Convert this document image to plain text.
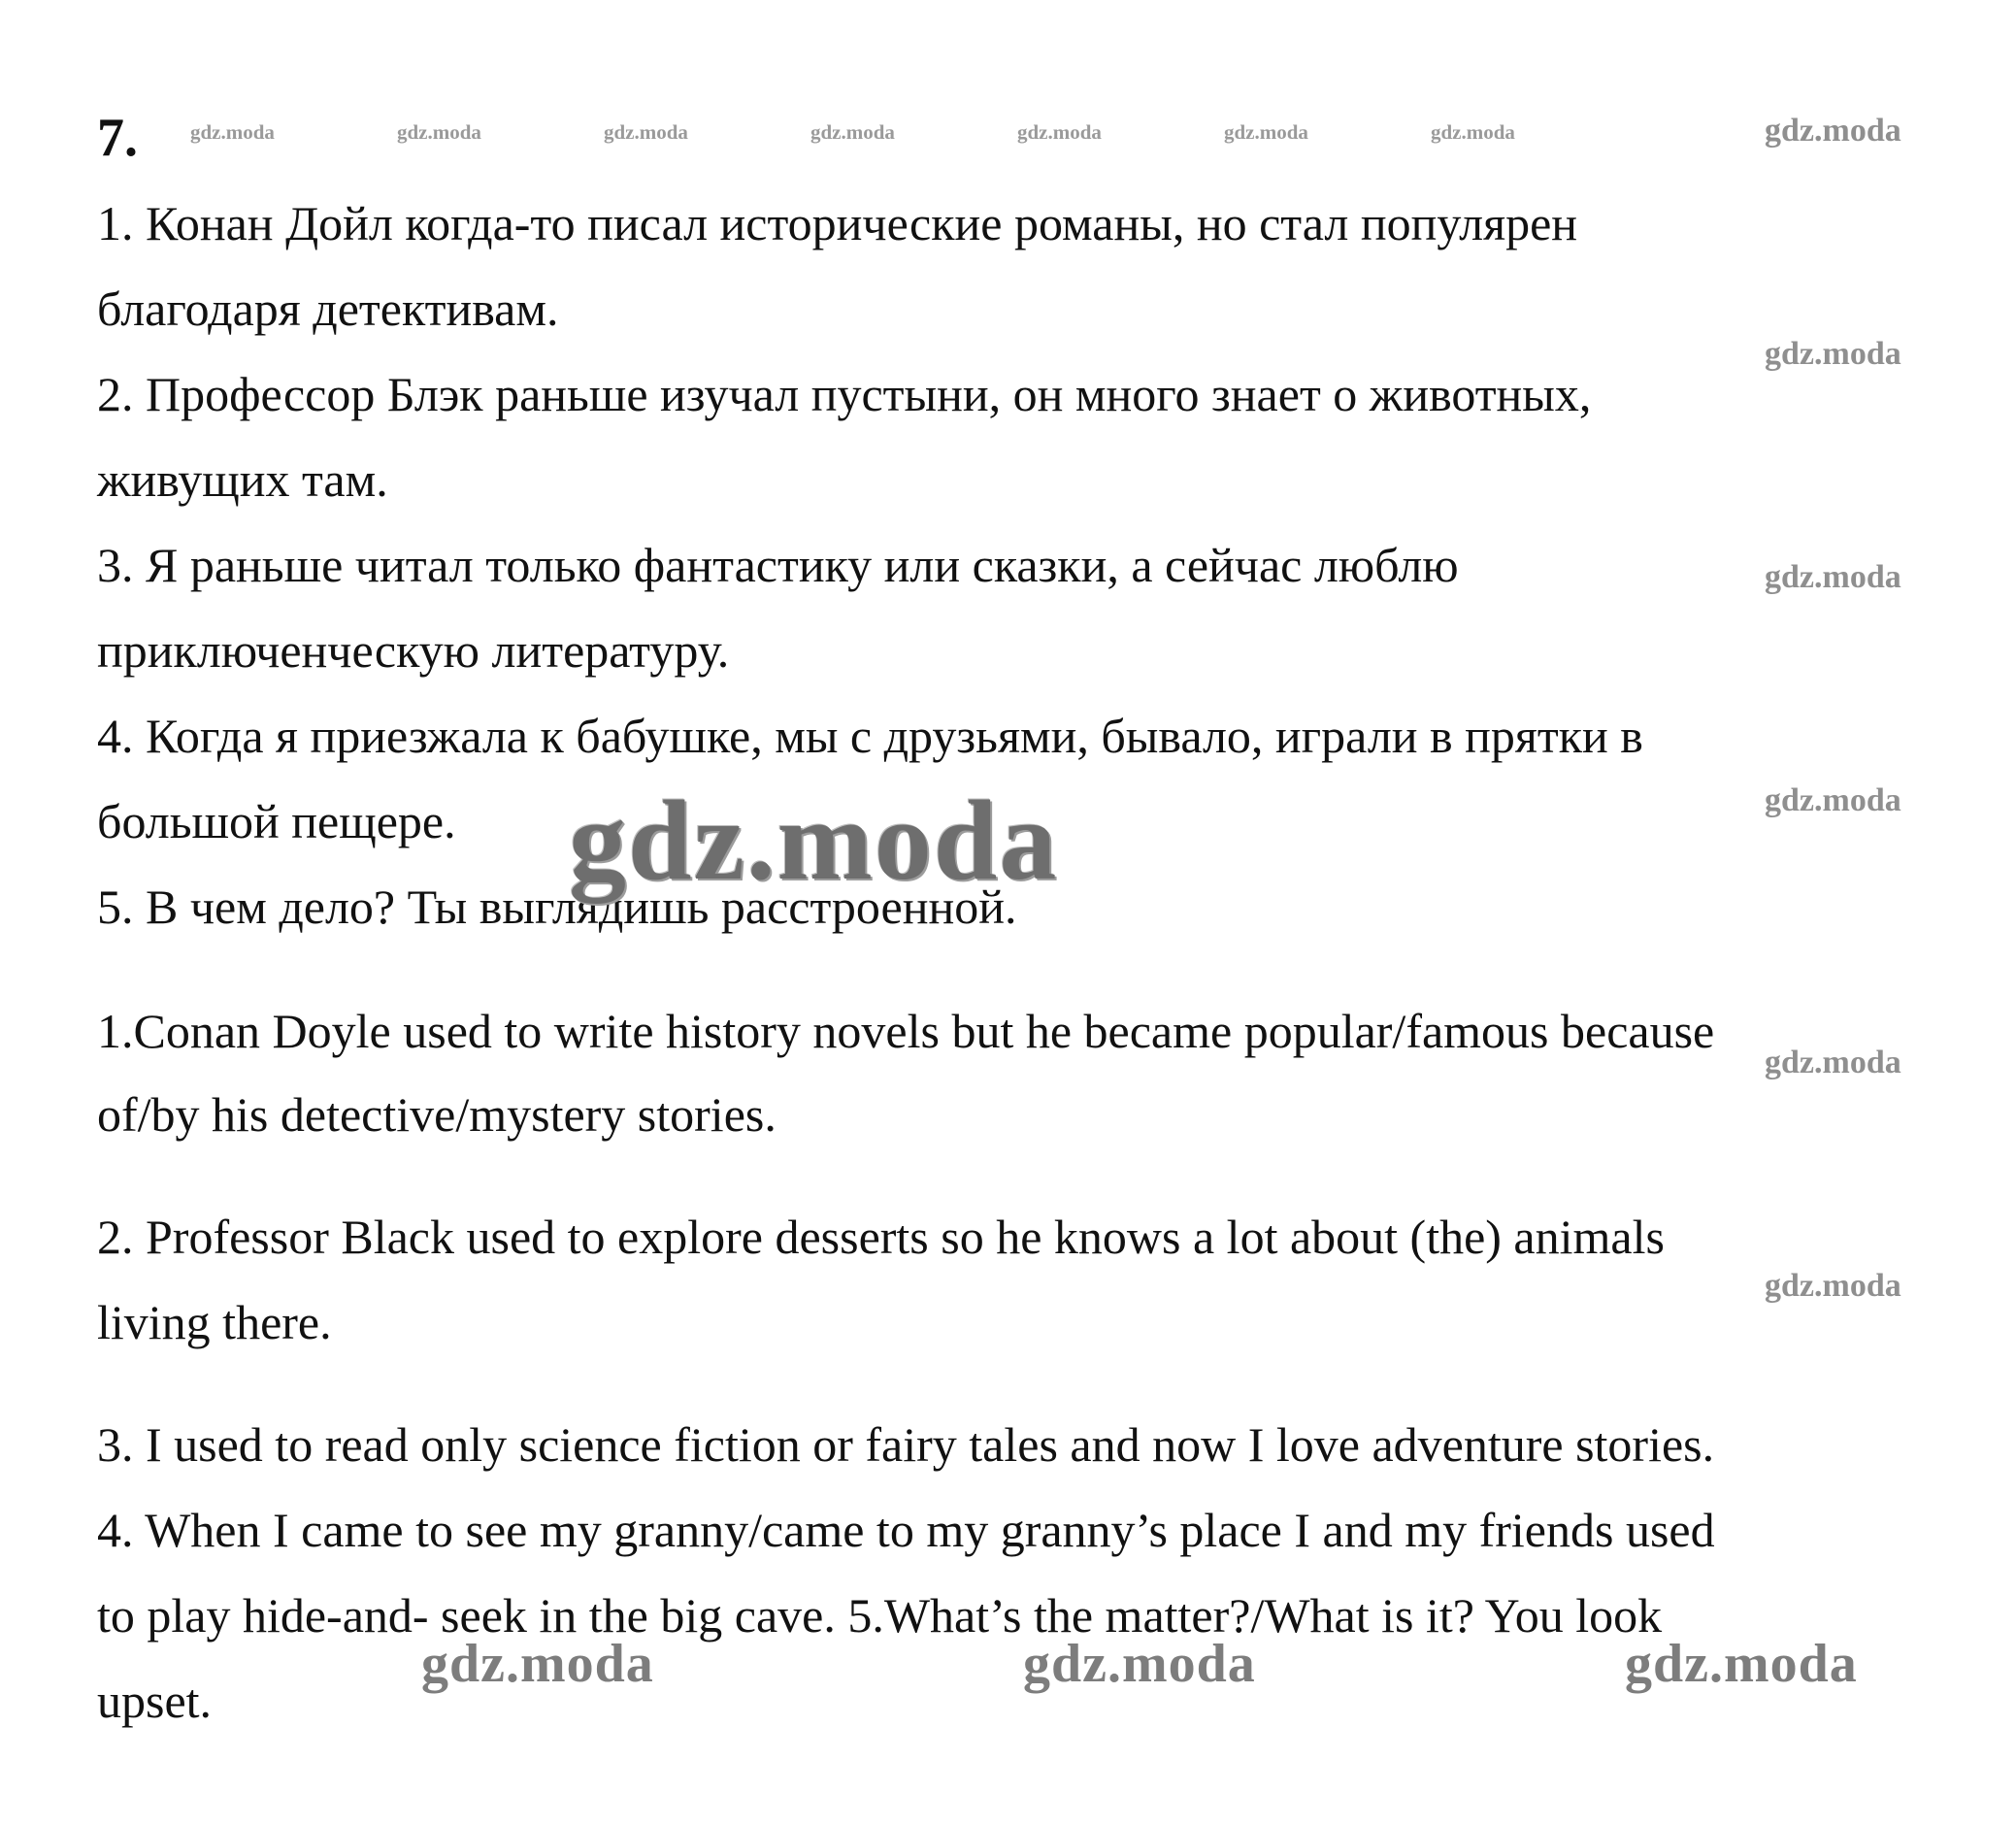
7.

1. Конан Дойл когда-то писал исторические романы, но стал популярен

благодаря детективам.

2. Профессор Блэк раньше изучал пустыни, он много знает о животных,

живущих там.

3. Я раньше читал только фантастику или сказки, а сейчас люблю

приключенческую литературу.

4. Когда я приезжала к бабушке, мы с друзьями, бывало, играли в прятки в

большой пещере.

5. В чем дело? Ты выглядишь расстроенной.

1.Conan Doyle used to write history novels but he became popular/famous because

of/by his detective/mystery stories.

2. Professor Black used to explore desserts so he knows a lot about (the) animals

living there.

3. I used to read only science fiction or fairy tales and now I love adventure stories.

4. When I came to see my granny/came to my granny’s place I and my friends used

to play hide-and- seek in the big cave. 5.What’s the matter?/What is it? You look

upset.

gdz.moda	gdz.moda	gdz.moda	gdz.moda	gdz.moda	gdz.moda	gdz.moda	gdz.moda
gdz.moda
gdz.moda
gdz.moda
gdz.moda
gdz.moda
gdz.moda
gdz.moda	gdz.moda	gdz.moda
